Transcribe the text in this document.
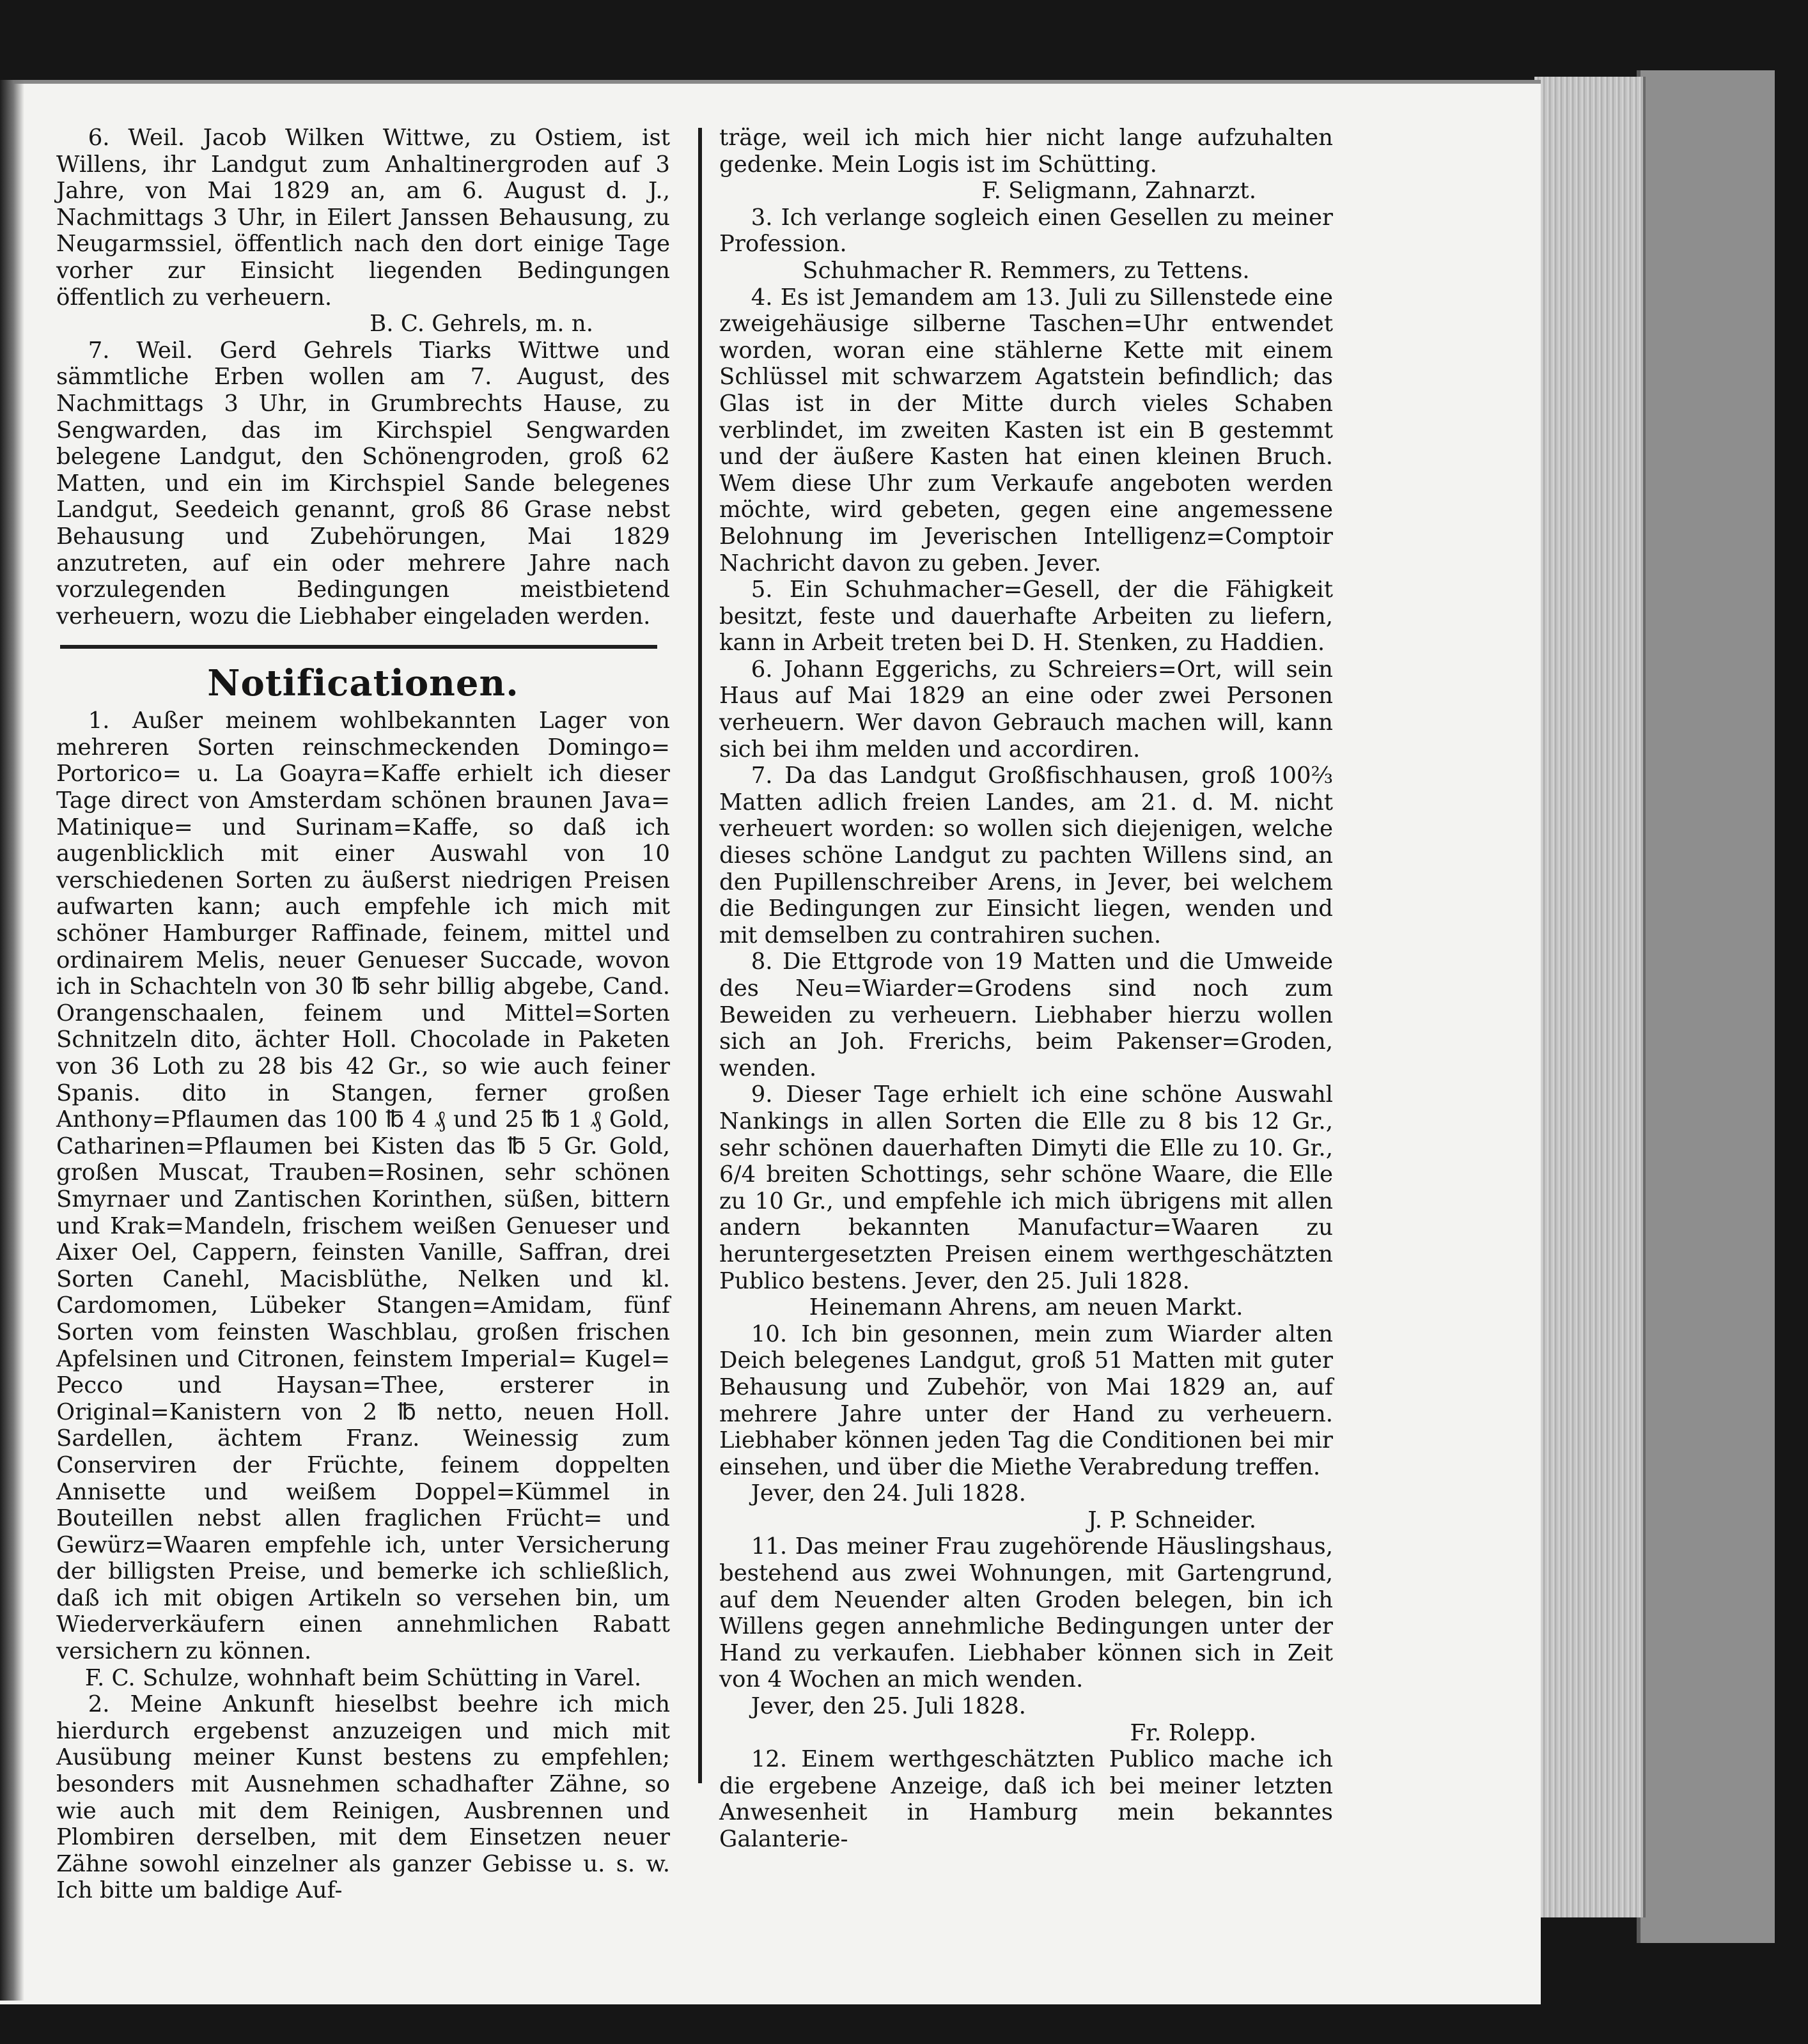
6. Weil. Jacob Wilken Wittwe, zu Ostiem, ist Willens, ihr Landgut zum Anhaltinergroden auf 3 Jahre, von Mai 1829 an, am 6. August d. J., Nachmittags 3 Uhr, in Eilert Janssen Behausung, zu Neugarmssiel, öffentlich nach den dort einige Tage vorher zur Einsicht liegenden Bedingungen öffentlich zu verheuern.

B. C. Gehrels, m. n.

7. Weil. Gerd Gehrels Tiarks Wittwe und sämmtliche Erben wollen am 7. August, des Nachmittags 3 Uhr, in Grumbrechts Hause, zu Sengwarden, das im Kirchspiel Sengwarden belegene Landgut, den Schönengroden, groß 62 Matten, und ein im Kirchspiel Sande belegenes Landgut, Seedeich genannt, groß 86 Grase nebst Behausung und Zubehörungen, Mai 1829 anzutreten, auf ein oder mehrere Jahre nach vorzulegenden Bedingungen meistbietend verheuern, wozu die Liebhaber eingeladen werden.

Notificationen.

1. Außer meinem wohlbekannten Lager von mehreren Sorten reinschmeckenden Domingo= Portorico= u. La Goayra=Kaffe erhielt ich dieser Tage direct von Amsterdam schönen braunen Java= Matinique= und Surinam=Kaffe, so daß ich augenblicklich mit einer Auswahl von 10 verschiedenen Sorten zu äußerst niedrigen Preisen aufwarten kann; auch empfehle ich mich mit schöner Hamburger Raffinade, feinem, mittel und ordinairem Melis, neuer Genueser Succade, wovon ich in Schachteln von 30 ℔ sehr billig abgebe, Cand. Orangenschaalen, feinem und Mittel=Sorten Schnitzeln dito, ächter Holl. Chocolade in Paketen von 36 Loth zu 28 bis 42 Gr., so wie auch feiner Spanis. dito in Stangen, ferner großen Anthony=Pflaumen das 100 ℔ 4 ₰ und 25 ℔ 1 ₰ Gold, Catharinen=Pflaumen bei Kisten das ℔ 5 Gr. Gold, großen Muscat, Trauben=Rosinen, sehr schönen Smyrnaer und Zantischen Korinthen, süßen, bittern und Krak=Mandeln, frischem weißen Genueser und Aixer Oel, Cappern, feinsten Vanille, Saffran, drei Sorten Canehl, Macisblüthe, Nelken und kl. Cardomomen, Lübeker Stangen=Amidam, fünf Sorten vom feinsten Waschblau, großen frischen Apfelsinen und Citronen, feinstem Imperial= Kugel= Pecco und Haysan=Thee, ersterer in Original=Kanistern von 2 ℔ netto, neuen Holl. Sardellen, ächtem Franz. Weinessig zum Conserviren der Früchte, feinem doppelten Annisette und weißem Doppel=Kümmel in Bouteillen nebst allen fraglichen Frücht= und Gewürz=Waaren empfehle ich, unter Versicherung der billigsten Preise, und bemerke ich schließlich, daß ich mit obigen Artikeln so versehen bin, um Wiederverkäufern einen annehmlichen Rabatt versichern zu können.

F. C. Schulze, wohnhaft beim Schütting in Varel.

2. Meine Ankunft hieselbst beehre ich mich hierdurch ergebenst anzuzeigen und mich mit Ausübung meiner Kunst bestens zu empfehlen; besonders mit Ausnehmen schadhafter Zähne, so wie auch mit dem Reinigen, Ausbrennen und Plombiren derselben, mit dem Einsetzen neuer Zähne sowohl einzelner als ganzer Gebisse u. s. w. Ich bitte um baldige Auf-

träge, weil ich mich hier nicht lange aufzuhalten gedenke. Mein Logis ist im Schütting.

F. Seligmann, Zahnarzt.

3. Ich verlange sogleich einen Gesellen zu meiner Profession.

Schuhmacher R. Remmers, zu Tettens.

4. Es ist Jemandem am 13. Juli zu Sillenstede eine zweigehäusige silberne Taschen=Uhr entwendet worden, woran eine stählerne Kette mit einem Schlüssel mit schwarzem Agatstein befindlich; das Glas ist in der Mitte durch vieles Schaben verblindet, im zweiten Kasten ist ein B gestemmt und der äußere Kasten hat einen kleinen Bruch. Wem diese Uhr zum Verkaufe angeboten werden möchte, wird gebeten, gegen eine angemessene Belohnung im Jeverischen Intelligenz=Comptoir Nachricht davon zu geben. Jever.

5. Ein Schuhmacher=Gesell, der die Fähigkeit besitzt, feste und dauerhafte Arbeiten zu liefern, kann in Arbeit treten bei D. H. Stenken, zu Haddien.

6. Johann Eggerichs, zu Schreiers=Ort, will sein Haus auf Mai 1829 an eine oder zwei Personen verheuern. Wer davon Gebrauch machen will, kann sich bei ihm melden und accordiren.

7. Da das Landgut Großfischhausen, groß 100⅔ Matten adlich freien Landes, am 21. d. M. nicht verheuert worden: so wollen sich diejenigen, welche dieses schöne Landgut zu pachten Willens sind, an den Pupillenschreiber Arens, in Jever, bei welchem die Bedingungen zur Einsicht liegen, wenden und mit demselben zu contrahiren suchen.

8. Die Ettgrode von 19 Matten und die Umweide des Neu=Wiarder=Grodens sind noch zum Beweiden zu verheuern. Liebhaber hierzu wollen sich an Joh. Frerichs, beim Pakenser=Groden, wenden.

9. Dieser Tage erhielt ich eine schöne Auswahl Nankings in allen Sorten die Elle zu 8 bis 12 Gr., sehr schönen dauerhaften Dimyti die Elle zu 10. Gr., 6/4 breiten Schottings, sehr schöne Waare, die Elle zu 10 Gr., und empfehle ich mich übrigens mit allen andern bekannten Manufactur=Waaren zu heruntergesetzten Preisen einem werthgeschätzten Publico bestens. Jever, den 25. Juli 1828.

Heinemann Ahrens, am neuen Markt.

10. Ich bin gesonnen, mein zum Wiarder alten Deich belegenes Landgut, groß 51 Matten mit guter Behausung und Zubehör, von Mai 1829 an, auf mehrere Jahre unter der Hand zu verheuern. Liebhaber können jeden Tag die Conditionen bei mir einsehen, und über die Miethe Verabredung treffen.

Jever, den 24. Juli 1828.

J. P. Schneider.

11. Das meiner Frau zugehörende Häuslingshaus, bestehend aus zwei Wohnungen, mit Gartengrund, auf dem Neuender alten Groden belegen, bin ich Willens gegen annehmliche Bedingungen unter der Hand zu verkaufen. Liebhaber können sich in Zeit von 4 Wochen an mich wenden.

Jever, den 25. Juli 1828.

Fr. Rolepp.

12. Einem werthgeschätzten Publico mache ich die ergebene Anzeige, daß ich bei meiner letzten Anwesenheit in Hamburg mein bekanntes Galanterie-
